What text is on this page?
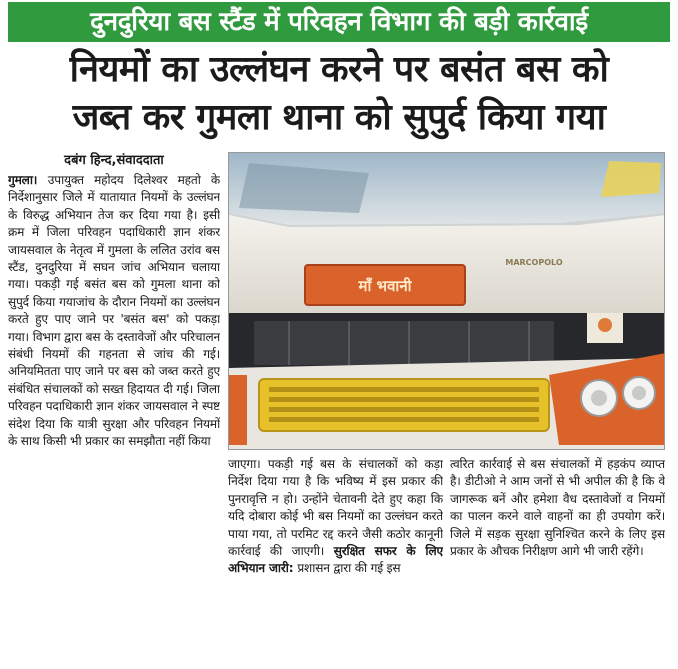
दुनदुरिया बस स्टैंड में परिवहन विभाग की बड़ी कार्रवाई
नियमों का उल्लंघन करने पर बसंत बस को
जब्त कर गुमला थाना को सुपुर्द किया गया
दबंग हिन्द,संवाददाता
गुमला। उपायुक्त महोदय दिलेश्वर महतो के निर्देशानुसार जिले में यातायात नियमों के उल्लंघन के विरुद्ध अभियान तेज कर दिया गया है। इसी क्रम में जिला परिवहन पदाधिकारी ज्ञान शंकर जायसवाल के नेतृत्व में गुमला के ललित उरांव बस स्टैंड, दुनदुरिया में सघन जांच अभियान चलाया गया। पकड़ी गई बसंत बस को गुमला थाना को सुपुर्द किया गयाजांच के दौरान नियमों का उल्लंघन करते हुए पाए जाने पर 'बसंत बस' को पकड़ा गया। विभाग द्वारा बस के दस्तावेजों और परिचालन संबंधी नियमों की गहनता से जांच की गई। अनियमितता पाए जाने पर बस को जब्त करते हुए संबंधित संचालकों को सख्त हिदायत दी गई। जिला परिवहन पदाधिकारी ज्ञान शंकर जायसवाल ने स्पष्ट संदेश दिया कि यात्री सुरक्षा और परिवहन नियमों के साथ किसी भी प्रकार का समझौता नहीं किया
माँ भवानी
MARCOPOLO
जाएगा। पकड़ी गई बस के संचालकों को कड़ा निर्देश दिया गया है कि भविष्य में इस प्रकार की पुनरावृत्ति न हो। उन्होंने चेतावनी देते हुए कहा कि यदि दोबारा कोई भी बस नियमों का उल्लंघन करते पाया गया, तो परमिट रद्द करने जैसी कठोर कानूनी कार्रवाई की जाएगी। सुरक्षित सफर के लिए अभियान जारी: प्रशासन द्वारा की गई इस
त्वरित कार्रवाई से बस संचालकों में हड़कंप व्याप्त है। डीटीओ ने आम जनों से भी अपील की है कि वे जागरूक बनें और हमेशा वैध दस्तावेजों व नियमों का पालन करने वाले वाहनों का ही उपयोग करें। जिले में सड़क सुरक्षा सुनिश्चित करने के लिए इस प्रकार के औचक निरीक्षण आगे भी जारी रहेंगे।
